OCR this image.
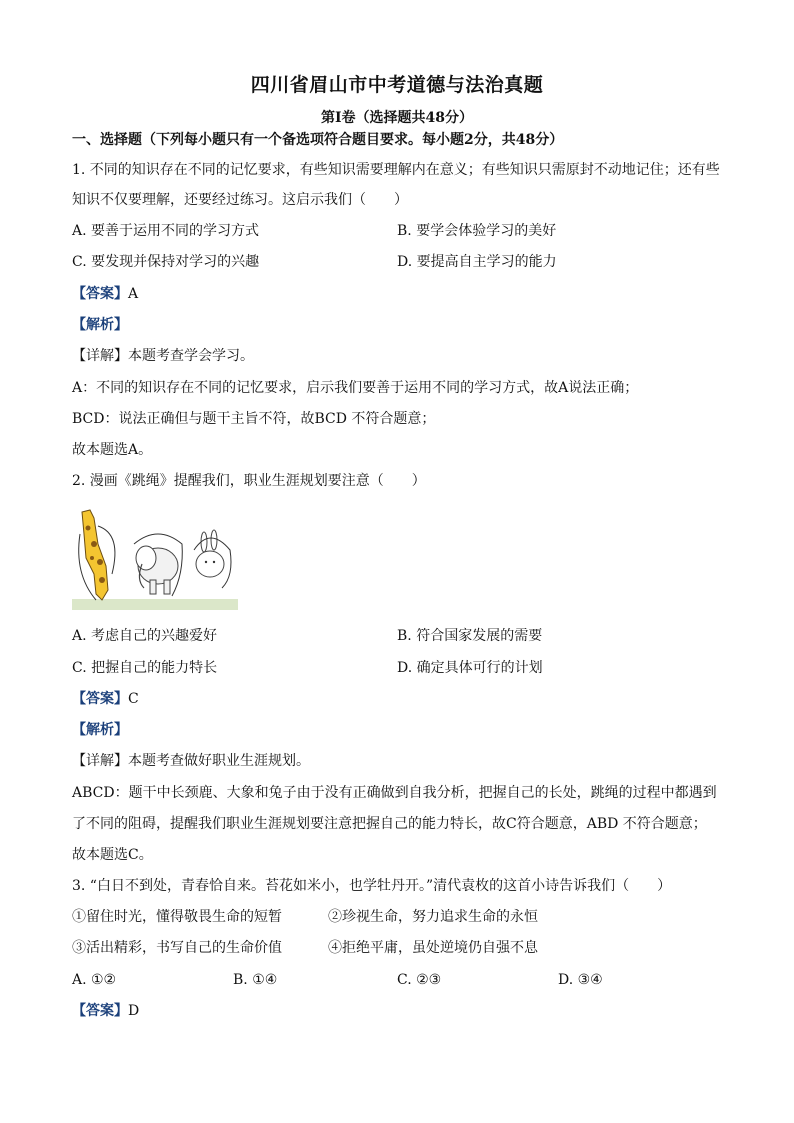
四川省眉山市中考道德与法治真题
第Ⅰ卷（选择题共48分）
一、选择题（下列每小题只有一个备选项符合题目要求。每小题2分，共48分）
1. 不同的知识存在不同的记忆要求，有些知识需要理解内在意义；有些知识只需原封不动地记住；还有些
知识不仅要理解，还要经过练习。这启示我们（　　）
A. 要善于运用不同的学习方式	B. 要学会体验学习的美好
C. 要发现并保持对学习的兴趣	D. 要提高自主学习的能力
【答案】A
【解析】
【详解】本题考查学会学习。
A：不同的知识存在不同的记忆要求，启示我们要善于运用不同的学习方式，故A说法正确；
BCD：说法正确但与题干主旨不符，故BCD 不符合题意；
故本题选A。
2. 漫画《跳绳》提醒我们，职业生涯规划要注意（　　）
A. 考虑自己的兴趣爱好	B. 符合国家发展的需要
C. 把握自己的能力特长	D. 确定具体可行的计划
【答案】C
【解析】
【详解】本题考查做好职业生涯规划。
ABCD：题干中长颈鹿、大象和兔子由于没有正确做到自我分析，把握自己的长处，跳绳的过程中都遇到
了不同的阻碍，提醒我们职业生涯规划要注意把握自己的能力特长，故C符合题意，ABD 不符合题意；
故本题选C。
3. “白日不到处，青春恰自来。苔花如米小，也学牡丹开。”清代袁枚的这首小诗告诉我们（　　）
①留住时光，懂得敬畏生命的短暂	②珍视生命，努力追求生命的永恒
③活出精彩，书写自己的生命价值	④拒绝平庸，虽处逆境仍自强不息
A. ①②	B. ①④	C. ②③	D. ③④
【答案】D
